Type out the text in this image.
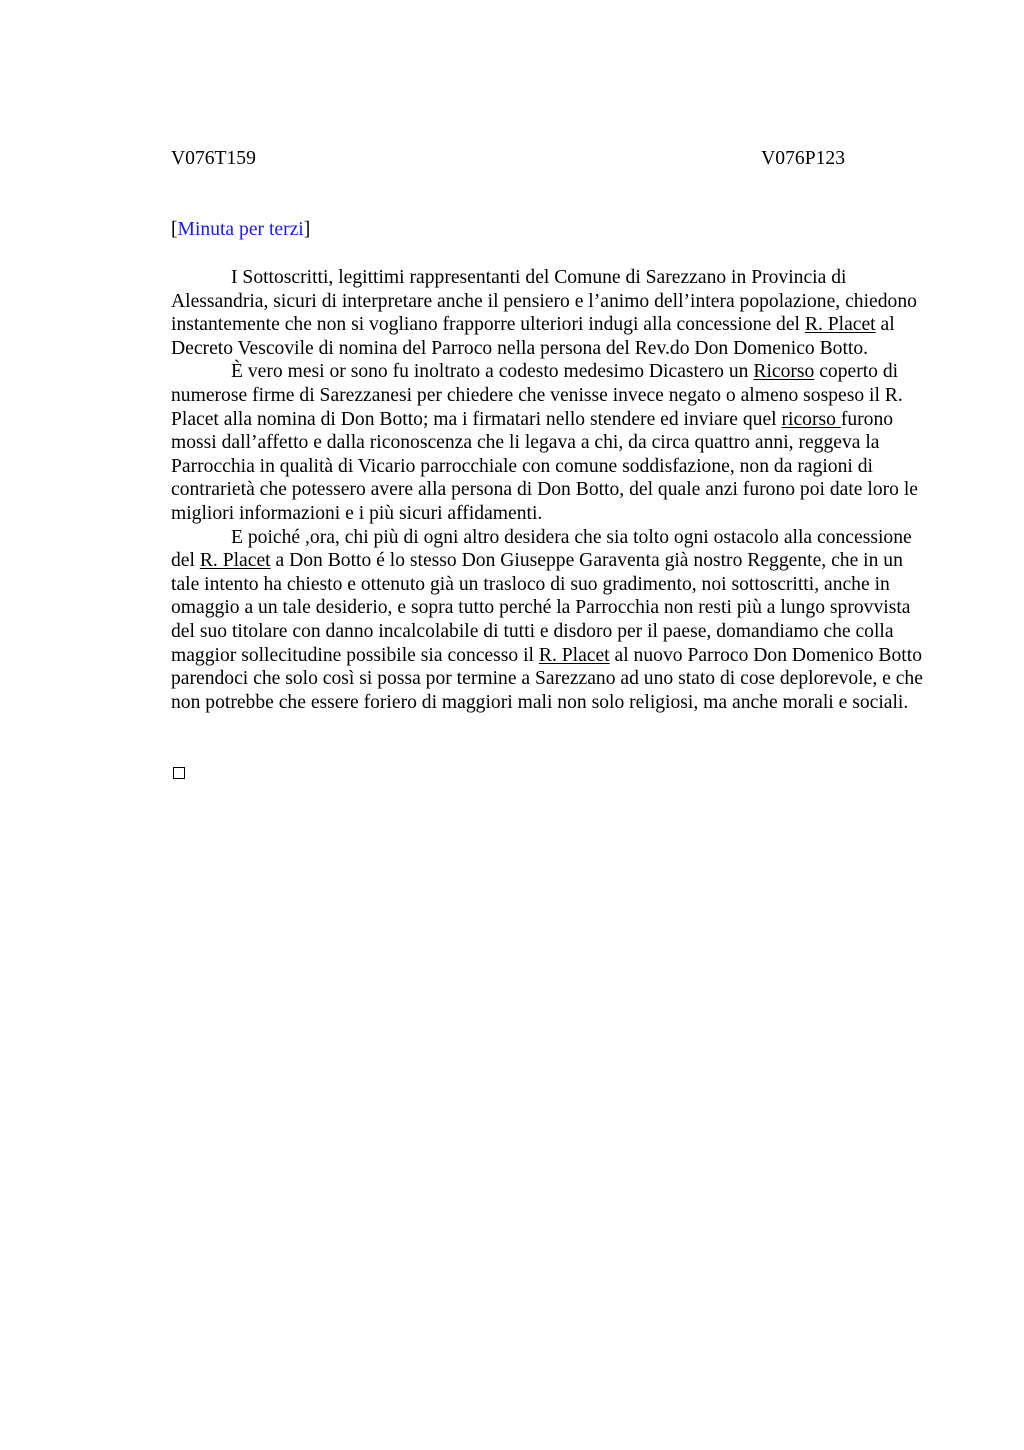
V076T159	V076P123
[Minuta per terzi]

I Sottoscritti, legittimi rappresentanti del Comune di Sarezzano in Provincia di Alessandria, sicuri di interpretare anche il pensiero e l’animo dell’intera popolazione, chiedono instantemente che non si vogliano frapporre ulteriori indugi alla concessione del R. Placet al Decreto Vescovile di nomina del Parroco nella persona del Rev.do Don Domenico Botto.

È vero mesi or sono fu inoltrato a codesto medesimo Dicastero un Ricorso coperto di numerose firme di Sarezzanesi per chiedere che venisse invece negato o almeno sospeso il R. Placet alla nomina di Don Botto; ma i firmatari nello stendere ed inviare quel ricorso furono mossi dall’affetto e dalla riconoscenza che li legava a chi, da circa quattro anni, reggeva la Parrocchia in qualità di Vicario parrocchiale con comune soddisfazione, non da ragioni di contrarietà che potessero avere alla persona di Don Botto, del quale anzi furono poi date loro le migliori informazioni e i più sicuri affidamenti.

E poiché ,ora, chi più di ogni altro desidera che sia tolto ogni ostacolo alla concessione del R. Placet a Don Botto é lo stesso Don Giuseppe Garaventa già nostro Reggente, che in un tale intento ha chiesto e ottenuto già un trasloco di suo gradimento, noi sottoscritti, anche in omaggio a un tale desiderio, e sopra tutto perché la Parrocchia non resti più a lungo sprovvista del suo titolare con danno incalcolabile di tutti e disdoro per il paese, domandiamo che colla maggior sollecitudine possibile sia concesso il R. Placet al nuovo Parroco Don Domenico Botto parendoci che solo così si possa por termine a Sarezzano ad uno stato di cose deplorevole, e che non potrebbe che essere foriero di maggiori mali non solo religiosi, ma anche morali e sociali.
